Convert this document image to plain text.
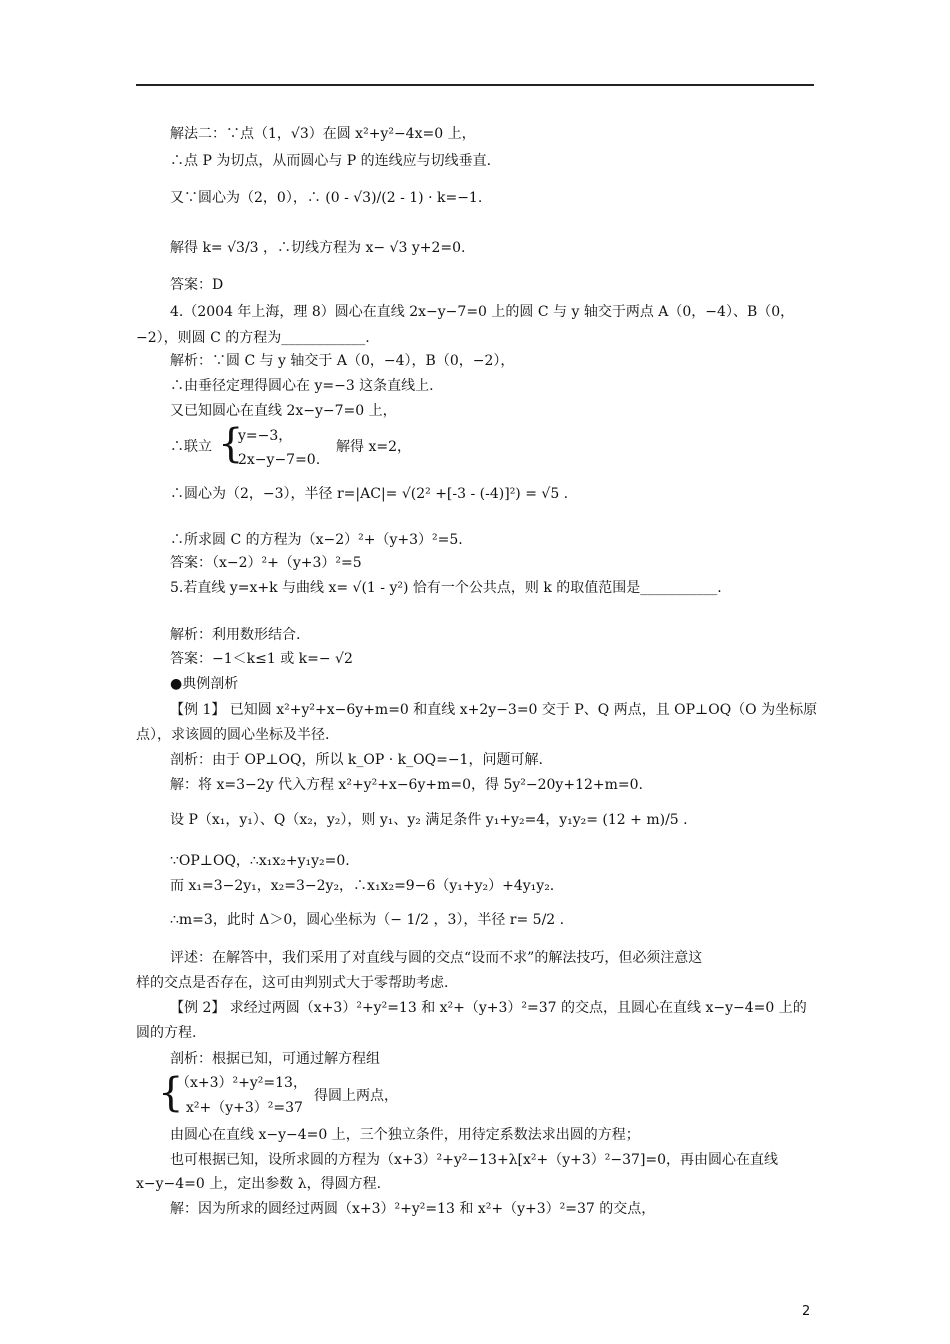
解法二：∵点（1，√3）在圆 x²+y²−4x=0 上，
∴点 P 为切点，从而圆心与 P 的连线应与切线垂直.
又∵圆心为（2，0），∴ (0 - √3)/(2 - 1) · k=−1.
解得 k= √3/3 ，∴切线方程为 x− √3 y+2=0.
答案：D
4.（2004 年上海，理 8）圆心在直线 2x−y−7=0 上的圆 C 与 y 轴交于两点 A（0，−4）、B（0，
−2），则圆 C 的方程为____________.
解析：∵圆 C 与 y 轴交于 A（0，−4），B（0，−2），
∴由垂径定理得圆心在 y=−3 这条直线上.
又已知圆心在直线 2x−y−7=0 上，
∴联立 {
y=−3，
2x−y−7=0.
解得 x=2，
∴圆心为（2，−3），半径 r=|AC|= √(2² +[-3 - (-4)]²) = √5 .
∴所求圆 C 的方程为（x−2）²+（y+3）²=5.
答案：（x−2）²+（y+3）²=5
5.若直线 y=x+k 与曲线 x= √(1 - y²) 恰有一个公共点，则 k 的取值范围是___________.
解析：利用数形结合.
答案：−1＜k≤1 或 k=− √2
●典例剖析
【例 1】 已知圆 x²+y²+x−6y+m=0 和直线 x+2y−3=0 交于 P、Q 两点，且 OP⊥OQ（O 为坐标原
点），求该圆的圆心坐标及半径.
剖析：由于 OP⊥OQ，所以 k_OP · k_OQ=−1，问题可解.
解：将 x=3−2y 代入方程 x²+y²+x−6y+m=0，得 5y²−20y+12+m=0.
设 P（x₁，y₁）、Q（x₂，y₂），则 y₁、y₂ 满足条件 y₁+y₂=4，y₁y₂= (12 + m)/5 .
∵OP⊥OQ，∴x₁x₂+y₁y₂=0.
而 x₁=3−2y₁，x₂=3−2y₂，∴x₁x₂=9−6（y₁+y₂）+4y₁y₂.
∴m=3，此时 Δ＞0，圆心坐标为（− 1/2 ，3），半径 r= 5/2 .
评述：在解答中，我们采用了对直线与圆的交点“设而不求”的解法技巧，但必须注意这
样的交点是否存在，这可由判别式大于零帮助考虑.
【例 2】 求经过两圆（x+3）²+y²=13 和 x²+（y+3）²=37 的交点，且圆心在直线 x−y−4=0 上的
圆的方程.
剖析：根据已知，可通过解方程组
{
（x+3）²+y²=13，
x²+（y+3）²=37
得圆上两点，
由圆心在直线 x−y−4=0 上，三个独立条件，用待定系数法求出圆的方程；
也可根据已知，设所求圆的方程为（x+3）²+y²−13+λ[x²+（y+3）²−37]=0，再由圆心在直线
x−y−4=0 上，定出参数 λ，得圆方程.
解：因为所求的圆经过两圆（x+3）²+y²=13 和 x²+（y+3）²=37 的交点，
2
